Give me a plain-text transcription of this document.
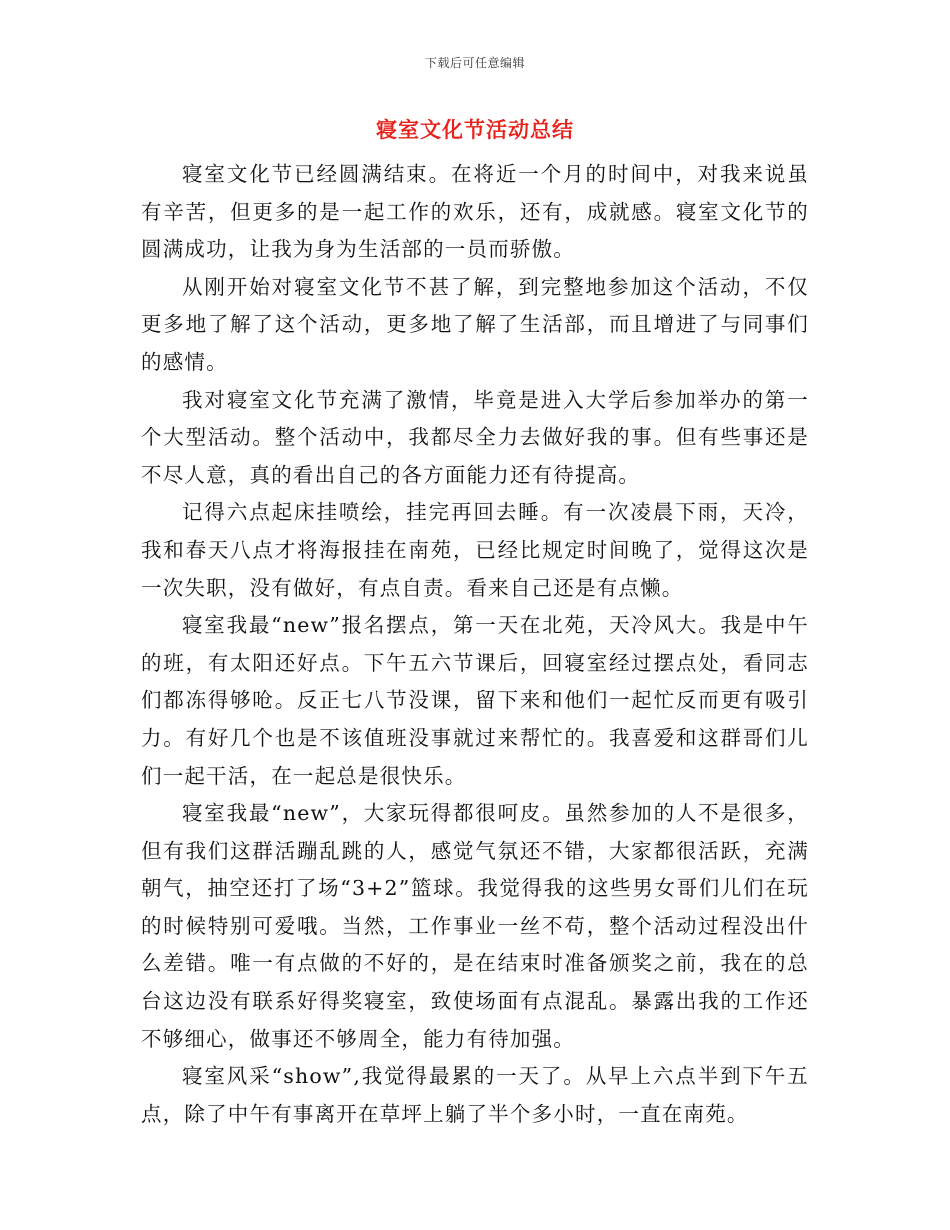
下载后可任意编辑
寝室文化节活动总结

寝室文化节已经圆满结束。在将近一个月的时间中，对我来说虽有辛苦，但更多的是一起工作的欢乐，还有，成就感。寝室文化节的圆满成功，让我为身为生活部的一员而骄傲。

从刚开始对寝室文化节不甚了解，到完整地参加这个活动，不仅更多地了解了这个活动，更多地了解了生活部，而且增进了与同事们的感情。

我对寝室文化节充满了激情，毕竟是进入大学后参加举办的第一个大型活动。整个活动中，我都尽全力去做好我的事。但有些事还是不尽人意，真的看出自己的各方面能力还有待提高。

记得六点起床挂喷绘，挂完再回去睡。有一次凌晨下雨，天冷，我和春天八点才将海报挂在南苑，已经比规定时间晚了，觉得这次是一次失职，没有做好，有点自责。看来自己还是有点懒。

寝室我最“new”报名摆点，第一天在北苑，天冷风大。我是中午的班，有太阳还好点。下午五六节课后，回寝室经过摆点处，看同志们都冻得够呛。反正七八节没课，留下来和他们一起忙反而更有吸引力。有好几个也是不该值班没事就过来帮忙的。我喜爱和这群哥们儿们一起干活，在一起总是很快乐。

寝室我最“new”，大家玩得都很呵皮。虽然参加的人不是很多，但有我们这群活蹦乱跳的人，感觉气氛还不错，大家都很活跃，充满朝气，抽空还打了场“3+2”篮球。我觉得我的这些男女哥们儿们在玩的时候特别可爱哦。当然，工作事业一丝不苟，整个活动过程没出什么差错。唯一有点做的不好的，是在结束时准备颁奖之前，我在的总台这边没有联系好得奖寝室，致使场面有点混乱。暴露出我的工作还不够细心，做事还不够周全，能力有待加强。

寝室风采“show”,我觉得最累的一天了。从早上六点半到下午五点，除了中午有事离开在草坪上躺了半个多小时，一直在南苑。
